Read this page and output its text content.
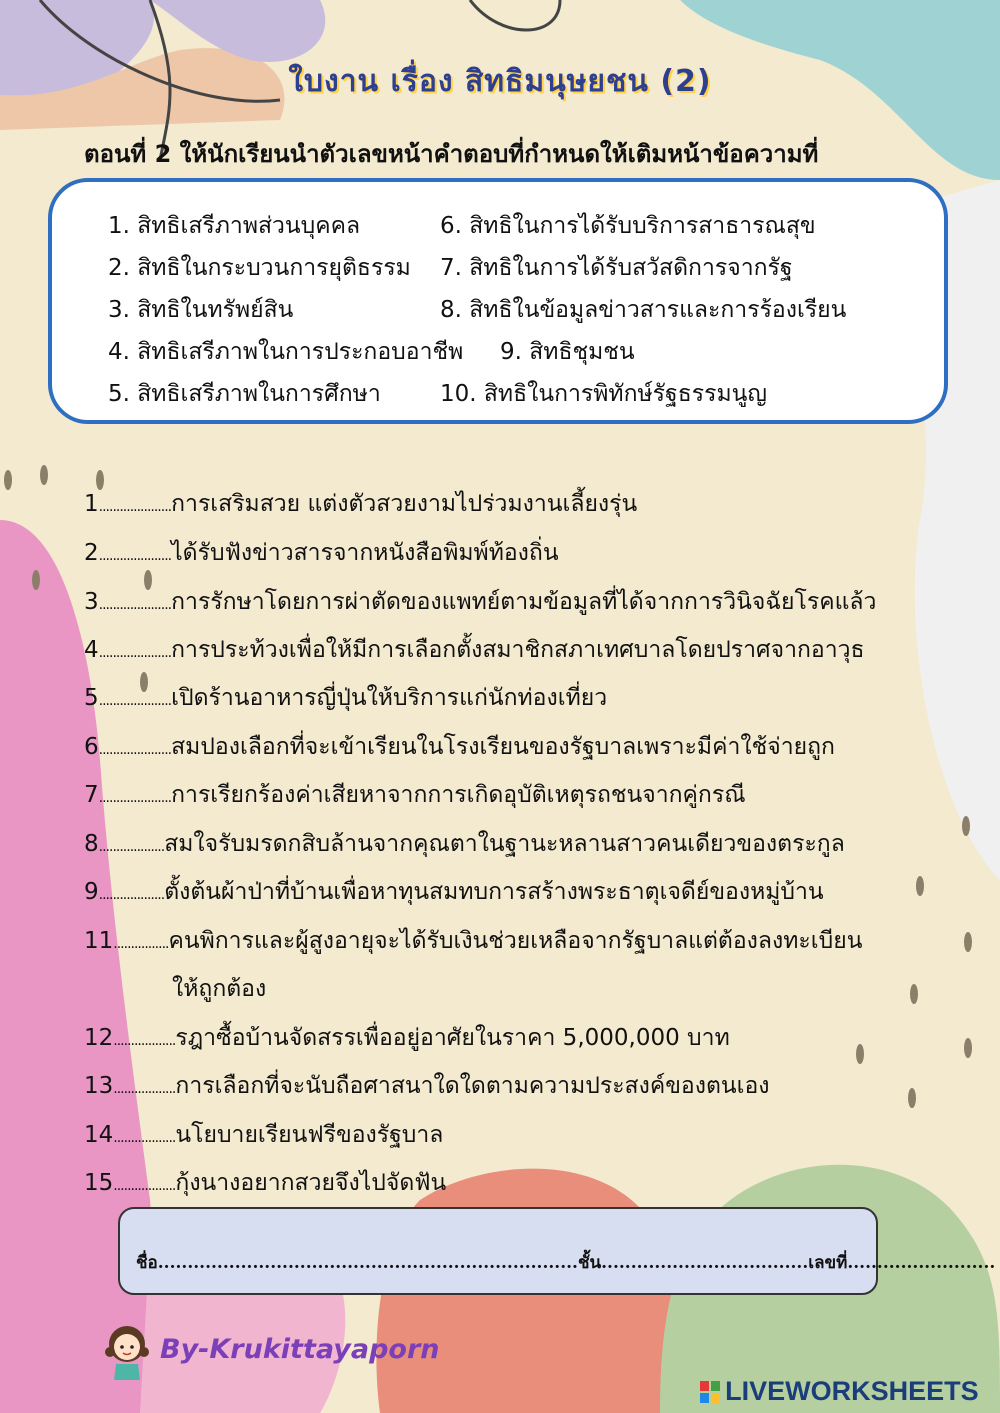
ใบงาน เรื่อง สิทธิมนุษยชน (2)
ตอนที่ 2 ให้นักเรียนนำตัวเลขหน้าคำตอบที่กำหนดให้เติมหน้าข้อความที่
1. สิทธิเสรีภาพส่วนบุคคล
2. สิทธิในกระบวนการยุติธรรม
3. สิทธิในทรัพย์สิน
4. สิทธิเสรีภาพในการประกอบอาชีพ
5. สิทธิเสรีภาพในการศึกษา
6. สิทธิในการได้รับบริการสาธารณสุข
7. สิทธิในการได้รับสวัสดิการจากรัฐ
8. สิทธิในข้อมูลข่าวสารและการร้องเรียน
9. สิทธิชุมชน
10. สิทธิในการพิทักษ์รัฐธรรมนูญ
1.....................การเสริมสวย แต่งตัวสวยงามไปร่วมงานเลี้ยงรุ่น
2.....................ได้รับฟังข่าวสารจากหนังสือพิมพ์ท้องถิ่น
3.....................การรักษาโดยการผ่าตัดของแพทย์ตามข้อมูลที่ได้จากการวินิจฉัยโรคแล้ว
4.....................การประท้วงเพื่อให้มีการเลือกตั้งสมาชิกสภาเทศบาลโดยปราศจากอาวุธ
5.....................เปิดร้านอาหารญี่ปุ่นให้บริการแก่นักท่องเที่ยว
6.....................สมปองเลือกที่จะเข้าเรียนในโรงเรียนของรัฐบาลเพราะมีค่าใช้จ่ายถูก
7.....................การเรียกร้องค่าเสียหาจากการเกิดอุบัติเหตุรถชนจากคู่กรณี
8...................สมใจรับมรดกสิบล้านจากคุณตาในฐานะหลานสาวคนเดียวของตระกูล
9...................ตั้งต้นผ้าป่าที่บ้านเพื่อหาทุนสมทบการสร้างพระธาตุเจดีย์ของหมู่บ้าน
11................คนพิการและผู้สูงอายุจะได้รับเงินช่วยเหลือจากรัฐบาลแต่ต้องลงทะเบียน
ให้ถูกต้อง
12..................รฎาซื้อบ้านจัดสรรเพื่ออยู่อาศัยในราคา 5,000,000 บาท
13..................การเลือกที่จะนับถือศาสนาใดใดตามความประสงค์ของตนเอง
14..................นโยบายเรียนฟรีของรัฐบาล
15..................กุ้งนางอยากสวยจึงไปจัดฟัน
ชื่อ.......................................................................ชั้น...................................เลขที่.........................
By-Krukittayaporn
LIVEWORKSHEETS
